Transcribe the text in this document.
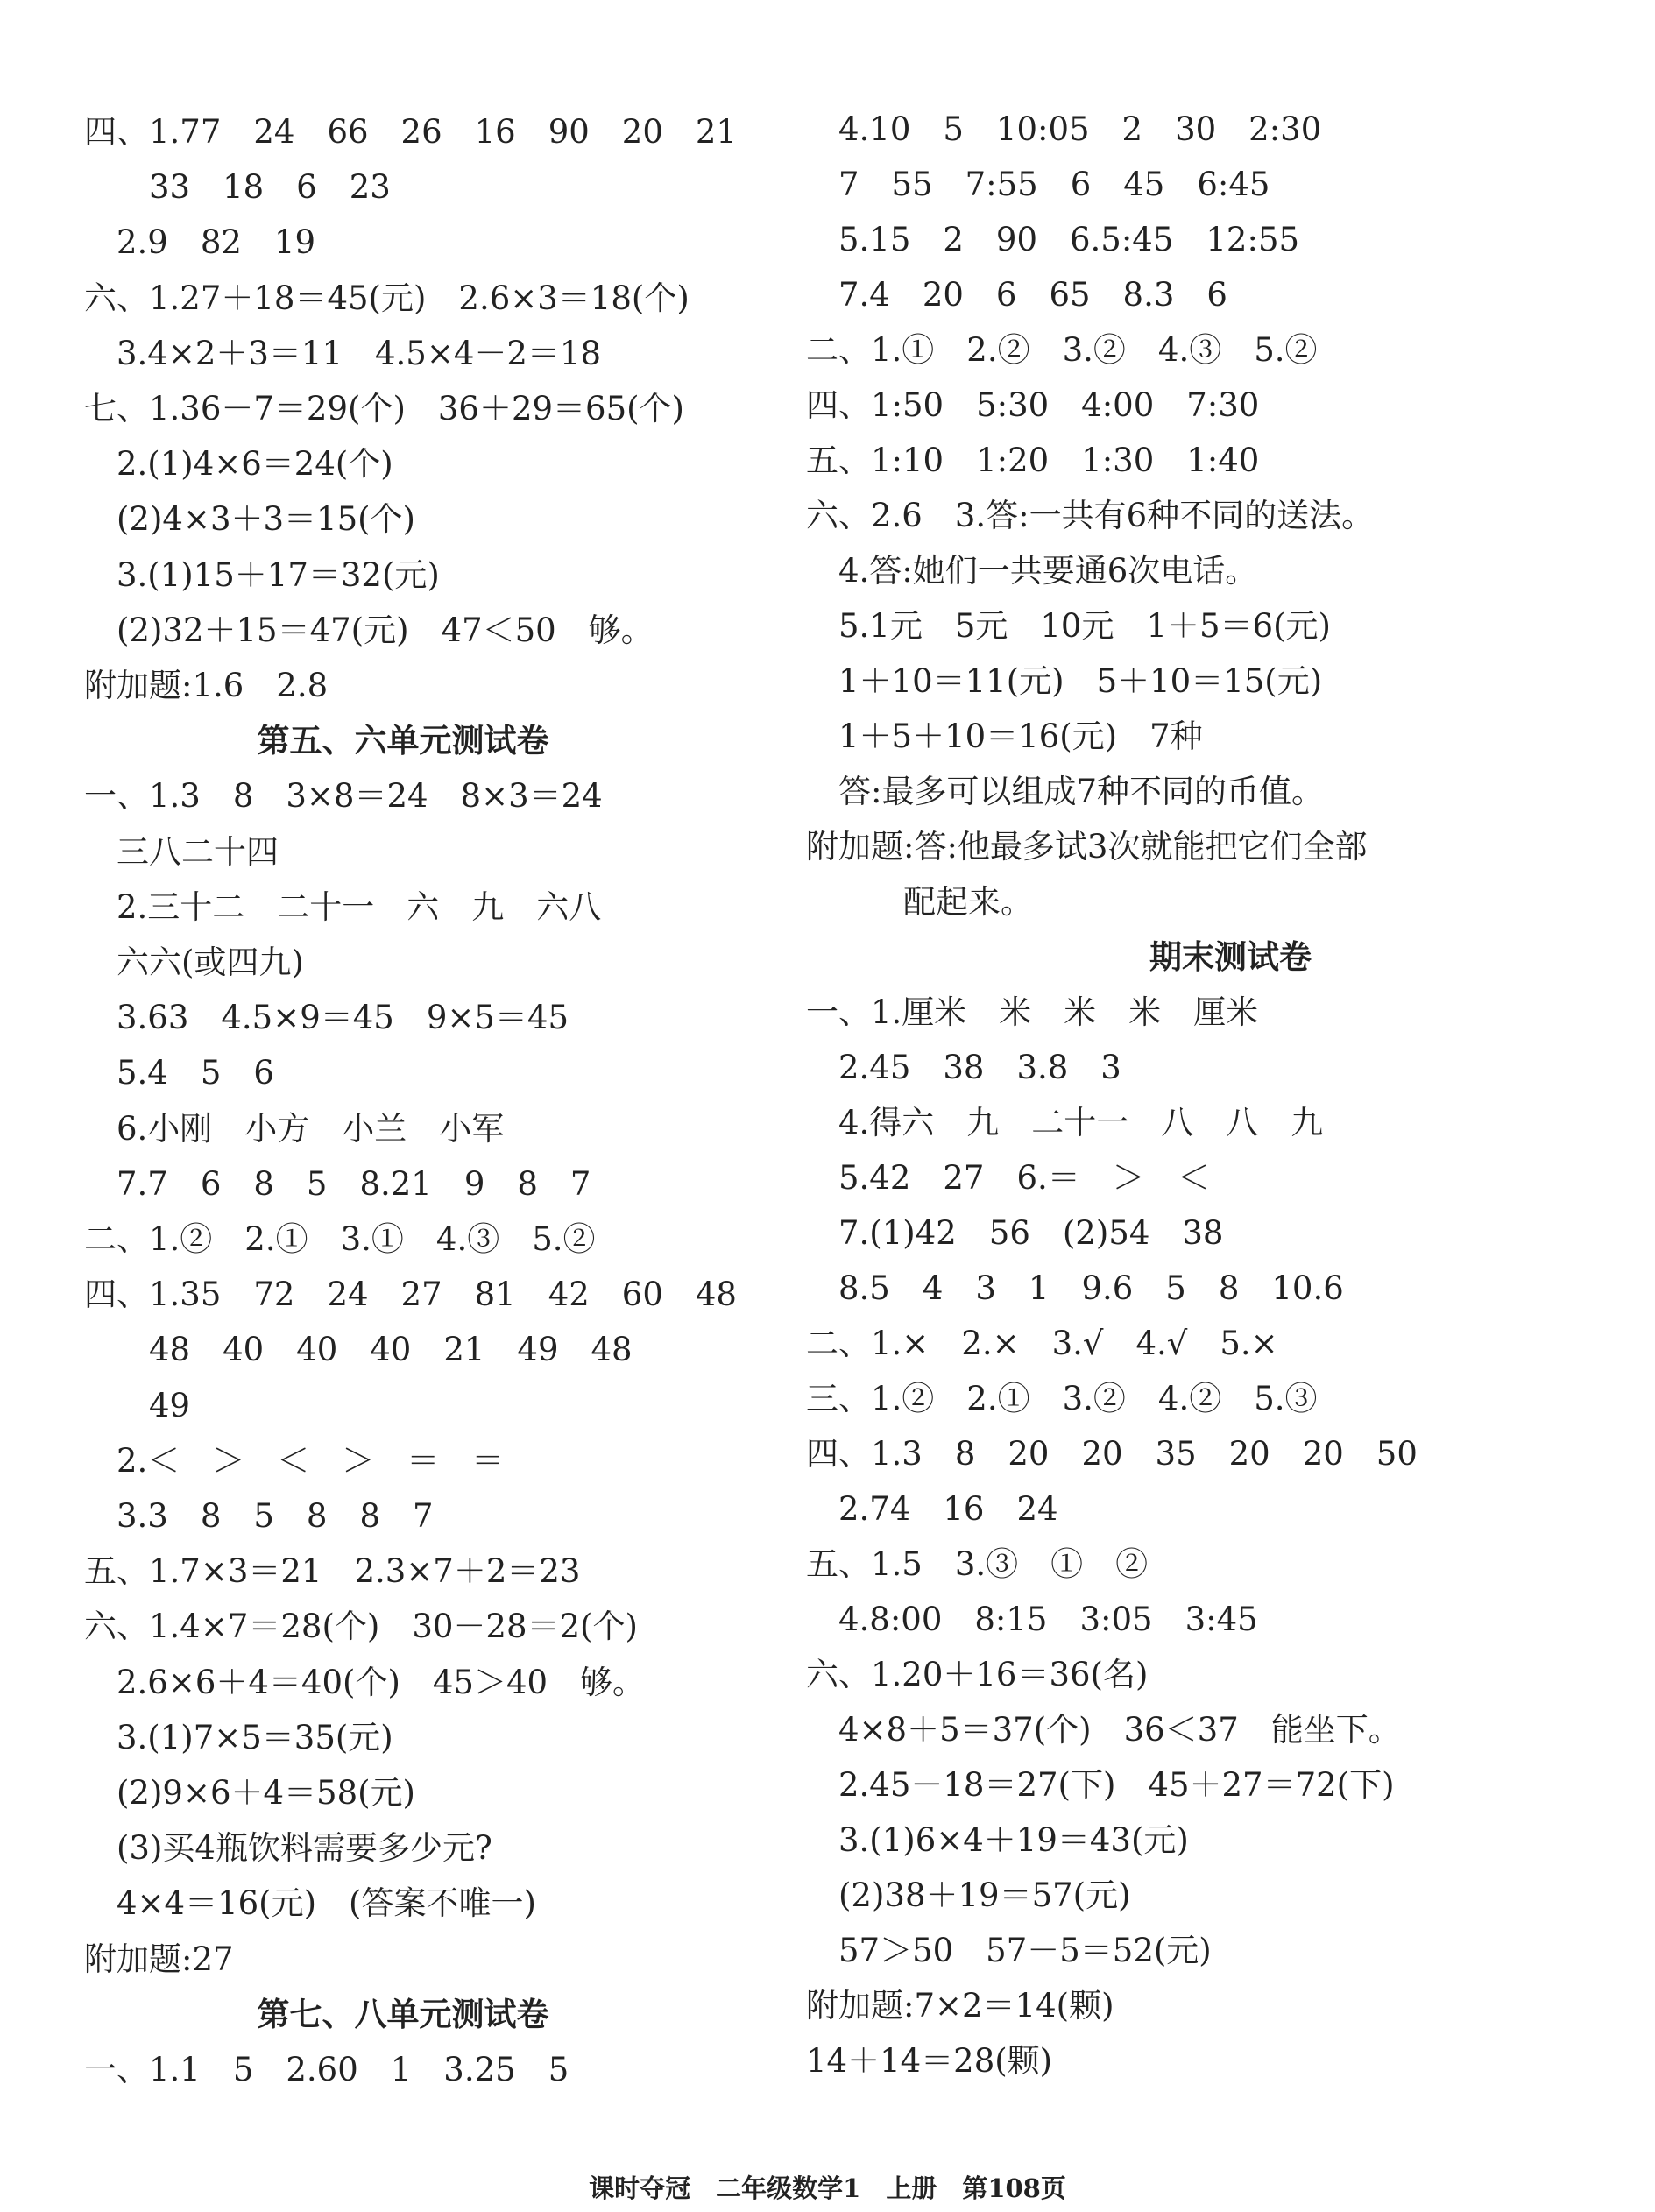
四、1.77　24　66　26　16　90　20　21
　　33　18　6　23
　2.9　82　19
六、1.27＋18＝45(元)　2.6×3＝18(个)
　3.4×2＋3＝11　4.5×4－2＝18
七、1.36－7＝29(个)　36＋29＝65(个)
　2.(1)4×6＝24(个)
　(2)4×3＋3＝15(个)
　3.(1)15＋17＝32(元)
　(2)32＋15＝47(元)　47＜50　够。
附加题:1.6　2.8
第五、六单元测试卷
一、1.3　8　3×8＝24　8×3＝24
　三八二十四
　2.三十二　二十一　六　九　六八
　六六(或四九)
　3.63　4.5×9＝45　9×5＝45
　5.4　5　6
　6.小刚　小方　小兰　小军
　7.7　6　8　5　8.21　9　8　7
二、1.②　2.①　3.①　4.③　5.②
四、1.35　72　24　27　81　42　60　48
　　48　40　40　40　21　49　48
　　49
　2.＜　＞　＜　＞　＝　＝
　3.3　8　5　8　8　7
五、1.7×3＝21　2.3×7＋2＝23
六、1.4×7＝28(个)　30－28＝2(个)
　2.6×6＋4＝40(个)　45＞40　够。
　3.(1)7×5＝35(元)
　(2)9×6＋4＝58(元)
　(3)买4瓶饮料需要多少元?
　4×4＝16(元)　(答案不唯一)
附加题:27
第七、八单元测试卷
一、1.1　5　2.60　1　3.25　5
　4.10　5　10:05　2　30　2:30
　7　55　7:55　6　45　6:45
　5.15　2　90　6.5:45　12:55
　7.4　20　6　65　8.3　6
二、1.①　2.②　3.②　4.③　5.②
四、1:50　5:30　4:00　7:30
五、1:10　1:20　1:30　1:40
六、2.6　3.答:一共有6种不同的送法。
　4.答:她们一共要通6次电话。
　5.1元　5元　10元　1＋5＝6(元)
　1＋10＝11(元)　5＋10＝15(元)
　1＋5＋10＝16(元)　7种
　答:最多可以组成7种不同的币值。
附加题:答:他最多试3次就能把它们全部
　　　配起来。
期末测试卷
一、1.厘米　米　米　米　厘米
　2.45　38　3.8　3
　4.得六　九　二十一　八　八　九
　5.42　27　6.＝　＞　＜
　7.(1)42　56　(2)54　38
　8.5　4　3　1　9.6　5　8　10.6
二、1.×　2.×　3.√　4.√　5.×
三、1.②　2.①　3.②　4.②　5.③
四、1.3　8　20　20　35　20　20　50
　2.74　16　24
五、1.5　3.③　①　②
　4.8:00　8:15　3:05　3:45
六、1.20＋16＝36(名)
　4×8＋5＝37(个)　36＜37　能坐下。
　2.45－18＝27(下)　45＋27＝72(下)
　3.(1)6×4＋19＝43(元)
　(2)38＋19＝57(元)
　57＞50　57－5＝52(元)
附加题:7×2＝14(颗)
14＋14＝28(颗)
课时夺冠　二年级数学1　上册　第108页
